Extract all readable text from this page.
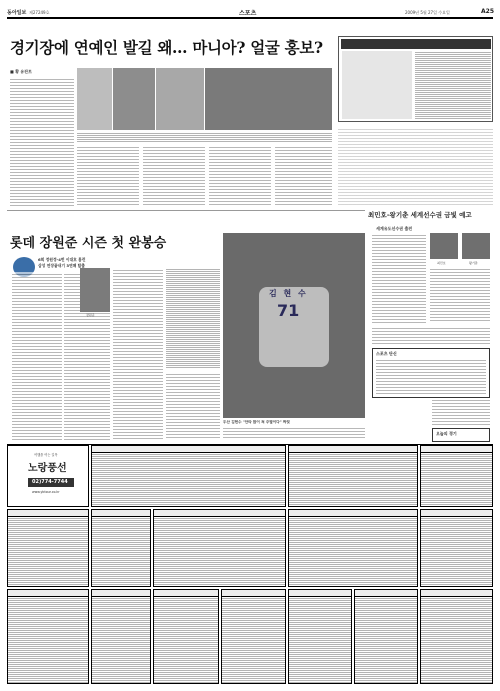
동아일보 제27249호	스포츠	2009년 5월 27일 수요일	A25
경기장에 연예인 발길 왜… 마니아? 얼굴 홍보?
■ 황 유잔트
최민호-왕기춘 세계선수권 금빛 예고
세계유도선수권 출전
최민호	왕기춘
롯데 장원준 시즌 첫 완봉승
6회 정원정-4번 이대호 홈런
삼성 연장끝내기 3연패 탈출
장원준
김 현 수
71
두산 김현수 "안타 많이 쳐 주말이다" 짜릿
스포츠 단신
오늘의 경기
여행을 여는 길목
노랑풍선
02)774-7744
www.ybtour.co.kr
